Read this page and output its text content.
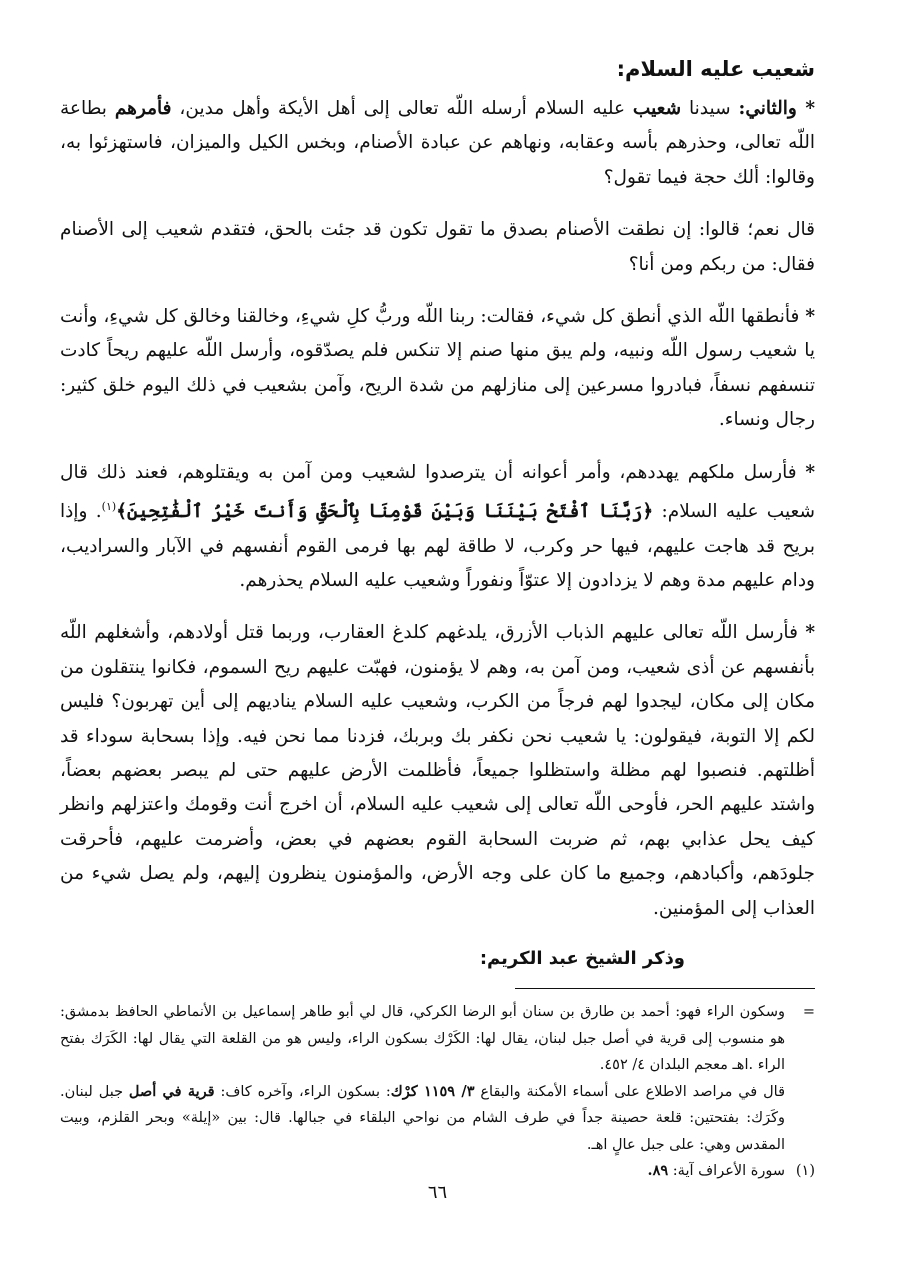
شعيب عليه السلام:

* والثاني: سيدنا شعيب عليه السلام أرسله اللّه تعالى إلى أهل الأيكة وأهل مدين، فأمرهم بطاعة اللّه تعالى، وحذرهم بأسه وعقابه، ونهاهم عن عبادة الأصنام، وبخس الكيل والميزان، فاستهزئوا به، وقالوا: ألك حجة فيما تقول؟

قال نعم؛ قالوا: إن نطقت الأصنام بصدق ما تقول تكون قد جئت بالحق، فتقدم شعيب إلى الأصنام فقال: من ربكم ومن أنا؟

* فأنطقها اللّه الذي أنطق كل شيء، فقالت: ربنا اللّه وربُّ كلِ شيءِ، وخالقنا وخالق كل شيءِ، وأنت يا شعيب رسول اللّه ونبيه، ولم يبق منها صنم إلا تنكس فلم يصدّقوه، وأرسل اللّه عليهم ريحاً كادت تنسفهم نسفاً، فبادروا مسرعين إلى منازلهم من شدة الريح، وآمن بشعيب في ذلك اليوم خلق كثير: رجال ونساء.

* فأرسل ملكهم يهددهم، وأمر أعوانه أن يترصدوا لشعيب ومن آمن به ويقتلوهم، فعند ذلك قال شعيب عليه السلام: ﴿رَبَّنَا ٱفْتَحْ بَيْنَنَا وَبَيْنَ قَوْمِنَا بِٱلْحَقِّ وَأَنتَ خَيْرُ ٱلْفَٰتِحِينَ﴾$^{(١)}$. وإذا بريح قد هاجت عليهم، فيها حر وكرب، لا طاقة لهم بها فرمى القوم أنفسهم في الآبار والسراديب، ودام عليهم مدة وهم لا يزدادون إلا عتوّاً ونفوراً وشعيب عليه السلام يحذرهم.

* فأرسل اللّه تعالى عليهم الذباب الأزرق، يلدغهم كلدغ العقارب، وربما قتل أولادهم، وأشغلهم اللّه بأنفسهم عن أذى شعيب، ومن آمن به، وهم لا يؤمنون، فهبّت عليهم ريح السموم، فكانوا ينتقلون من مكان إلى مكان، ليجدوا لهم فرجاً من الكرب، وشعيب عليه السلام يناديهم إلى أين تهربون؟ فليس لكم إلا التوبة، فيقولون: يا شعيب نحن نكفر بك وبربك، فزدنا مما نحن فيه. وإذا بسحابة سوداء قد أظلتهم. فنصبوا لهم مظلة واستظلوا جميعاً، فأظلمت الأرض عليهم حتى لم يبصر بعضهم بعضاً، واشتد عليهم الحر، فأوحى اللّه تعالى إلى شعيب عليه السلام، أن اخرج أنت وقومك واعتزلهم وانظر كيف يحل عذابي بهم، ثم ضربت السحابة القوم بعضهم في بعض، وأضرمت عليهم، فأحرقت جلودَهم، وأكبادهم، وجميع ما كان على وجه الأرض، والمؤمنون ينظرون إليهم، ولم يصل شيء من العذاب إلى المؤمنين.

وذكر الشيخ عبد الكريم:
=
وسكون الراء فهو: أحمد بن طارق بن سنان أبو الرضا الكركي، قال لي أبو طاهر إسماعيل بن الأنماطي الحافظ بدمشق: هو منسوب إلى قرية في أصل جبل لبنان، يقال لها: الكَرْك بسكون الراء، وليس هو من القلعة التي يقال لها: الكَرَك بفتح الراء .اهـ معجم البلدان ٤/ ٤٥٢.
قال في مراصد الاطلاع على أسماء الأمكنة والبقاع ٣/ ١١٥٩ كرْك: بسكون الراء، وآخره كاف: قرية في أصل جبل لبنان. وكَرَك: بفتحتين: قلعة حصينة جداً في طرف الشام من نواحي البلقاء في جبالها. قال: بين «إيلة» وبحر القلزم، وبيت المقدس وهي: على جبل عالٍ اهـ.
(١)
سورة الأعراف آية: ٨٩.
٦٦
